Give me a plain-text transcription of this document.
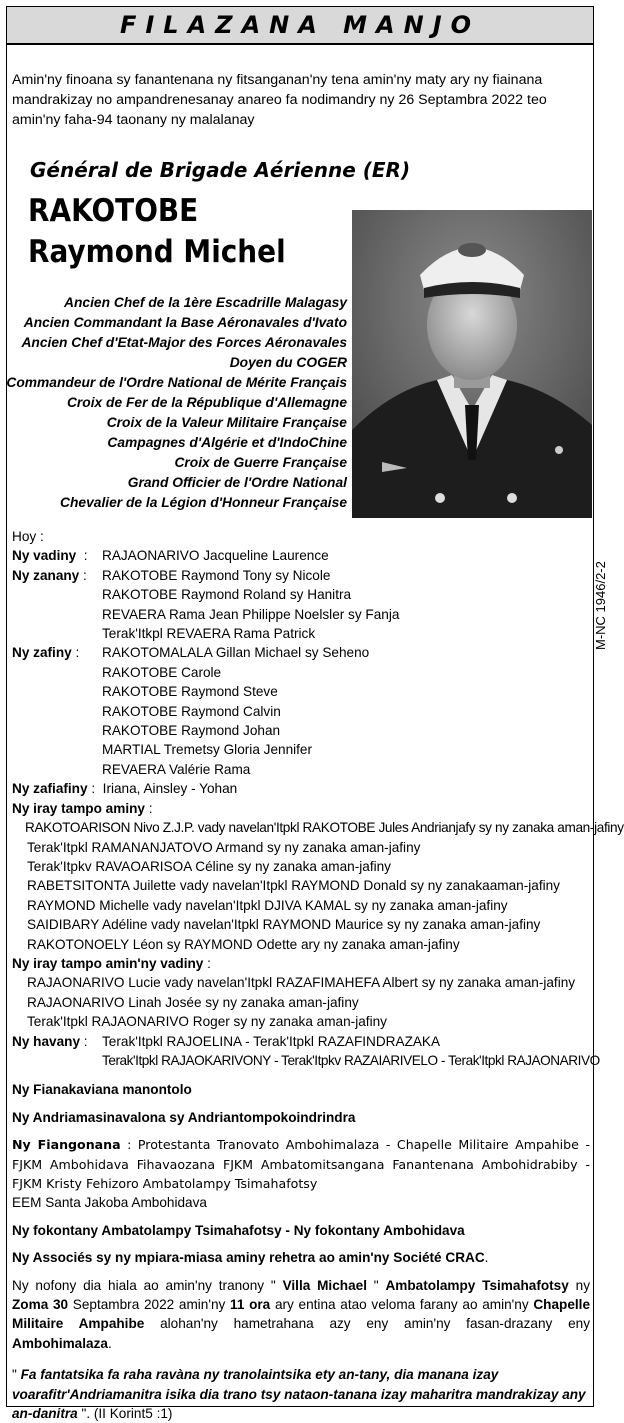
FILAZANA MANJO
Amin'ny finoana sy fanantenana ny fitsanganan'ny tena amin'ny maty ary ny fiainana mandrakizay no ampandrenesanay anareo fa nodimandry ny 26 Septambra 2022 teo amin'ny faha-94 taonany ny malalanay
Général de Brigade Aérienne (ER)
RAKOTOBE
Raymond Michel
Ancien Chef de la 1ère Escadrille Malagasy
Ancien Commandant la Base Aéronavales d'Ivato
Ancien Chef d'Etat-Major des Forces Aéronavales
Doyen du COGER
Commandeur de l'Ordre National de Mérite Français
Croix de Fer de la République d'Allemagne
Croix de la Valeur Militaire Française
Campagnes d'Algérie et d'IndoChine
Croix de Guerre Française
Grand Officier de l'Ordre National
Chevalier de la Légion d'Honneur Française
M-NC 1946/2-2
Hoy :
Ny vadiny :	RAJAONARIVO Jacqueline Laurence
Ny zanany :	RAKOTOBE Raymond Tony sy Nicole
RAKOTOBE Raymond Roland sy Hanitra
REVAERA Rama Jean Philippe Noelsler sy Fanja
Terak'Itkpl REVAERA Rama Patrick
Ny zafiny :	RAKOTOMALALA Gillan Michael sy Seheno
RAKOTOBE Carole
RAKOTOBE Raymond Steve
RAKOTOBE Raymond Calvin
RAKOTOBE Raymond Johan
MARTIAL Tremetsy Gloria Jennifer
REVAERA Valérie Rama
Ny zafiafiny
:
Iriana, Ainsley - Yohan
Ny iray tampo aminy
:
RAKOTOARISON Nivo Z.J.P. vady navelan'Itpkl RAKOTOBE Jules Andrianjafy sy ny zanaka aman-jafiny
Terak'Itpkl RAMANANJATOVO Armand sy ny zanaka aman-jafiny
Terak'Itpkv RAVAOARISOA Céline sy ny zanaka aman-jafiny
RABETSITONTA Juilette vady navelan'Itpkl RAYMOND Donald sy ny zanakaaman-jafiny
RAYMOND Michelle vady navelan'Itpkl DJIVA KAMAL sy ny zanaka aman-jafiny
SAIDIBARY Adéline vady navelan'Itpkl RAYMOND Maurice sy ny zanaka aman-jafiny
RAKOTONOELY Léon sy RAYMOND Odette ary ny zanaka aman-jafiny
Ny iray tampo amin'ny vadiny
:
RAJAONARIVO Lucie vady navelan'Itpkl RAZAFIMAHEFA Albert sy ny zanaka aman-jafiny
RAJAONARIVO Linah Josée sy ny zanaka aman-jafiny
Terak'Itpkl RAJAONARIVO Roger sy ny zanaka aman-jafiny
Ny havany :	Terak'Itpkl RAJOELINA - Terak'Itpkl RAZAFINDRAZAKA
Terak'Itpkl RAJAOKARIVONY - Terak'Itpkv RAZAIARIVELO - Terak'Itpkl RAJAONARIVO
Ny Fianakaviana manontolo
Ny Andriamasinavalona sy Andriantompokoindrindra
Ny Fiangonana : Protestanta Tranovato Ambohimalaza - Chapelle Militaire Ampahibe - FJKM Ambohidava Fihavaozana FJKM Ambatomitsangana Fanantenana Ambohidrabiby - FJKM Kristy Fehizoro Ambatolampy Tsimahafotsy
EEM Santa Jakoba Ambohidava
Ny fokontany Ambatolampy Tsimahafotsy - Ny fokontany Ambohidava
Ny Associés sy ny mpiara-miasa aminy rehetra ao amin'ny Société CRAC.
Ny nofony dia hiala ao amin'ny tranony " Villa Michael " Ambatolampy Tsimahafotsy ny Zoma 30 Septambra 2022 amin'ny 11 ora ary entina atao veloma farany ao amin'ny Chapelle Militaire Ampahibe alohan'ny hametrahana azy eny amin'ny fasan-drazany eny Ambohimalaza.
" Fa fantatsika fa raha ravàna ny tranolaintsika ety an-tany, dia manana izay voarafitr'Andriamanitra isika dia trano tsy nataon-tanana izay maharitra mandrakizay any an-danitra ". (II Korint5 :1)
